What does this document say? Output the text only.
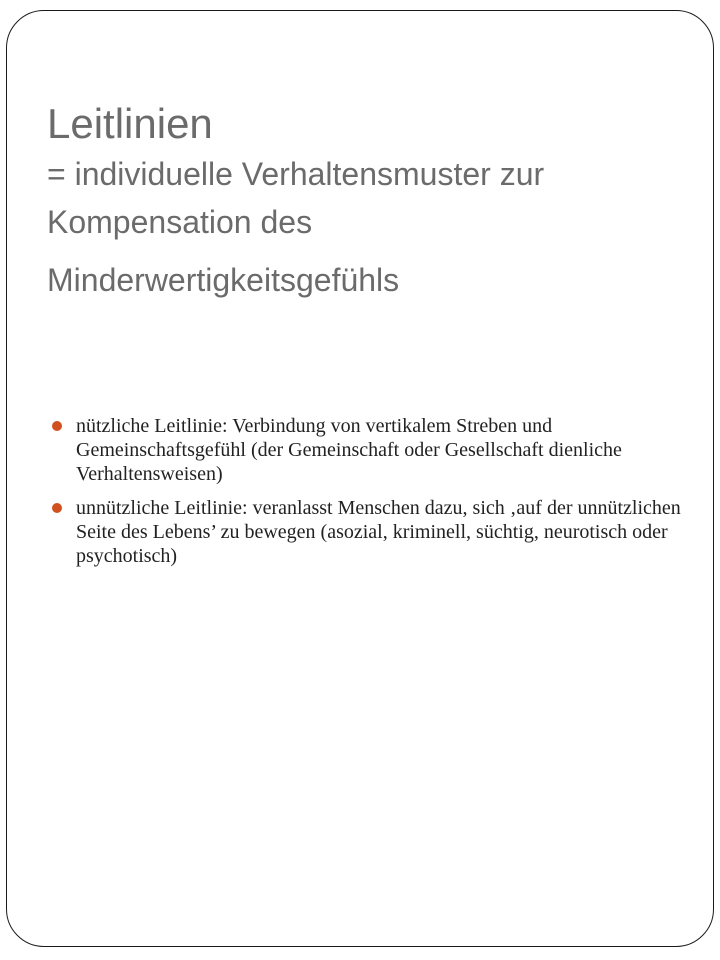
Leitlinien

= individuelle Verhaltensmuster zur
Kompensation des
Minderwertigkeitsgefühls

nützliche Leitlinie: Verbindung von vertikalem Streben und Gemeinschaftsgefühl (der Gemeinschaft oder Gesellschaft dienliche Verhaltensweisen)
unnützliche Leitlinie: veranlasst Menschen dazu, sich ‚auf der unnützlichen Seite des Lebens’ zu bewegen (asozial, kriminell, süchtig, neurotisch oder psychotisch)
